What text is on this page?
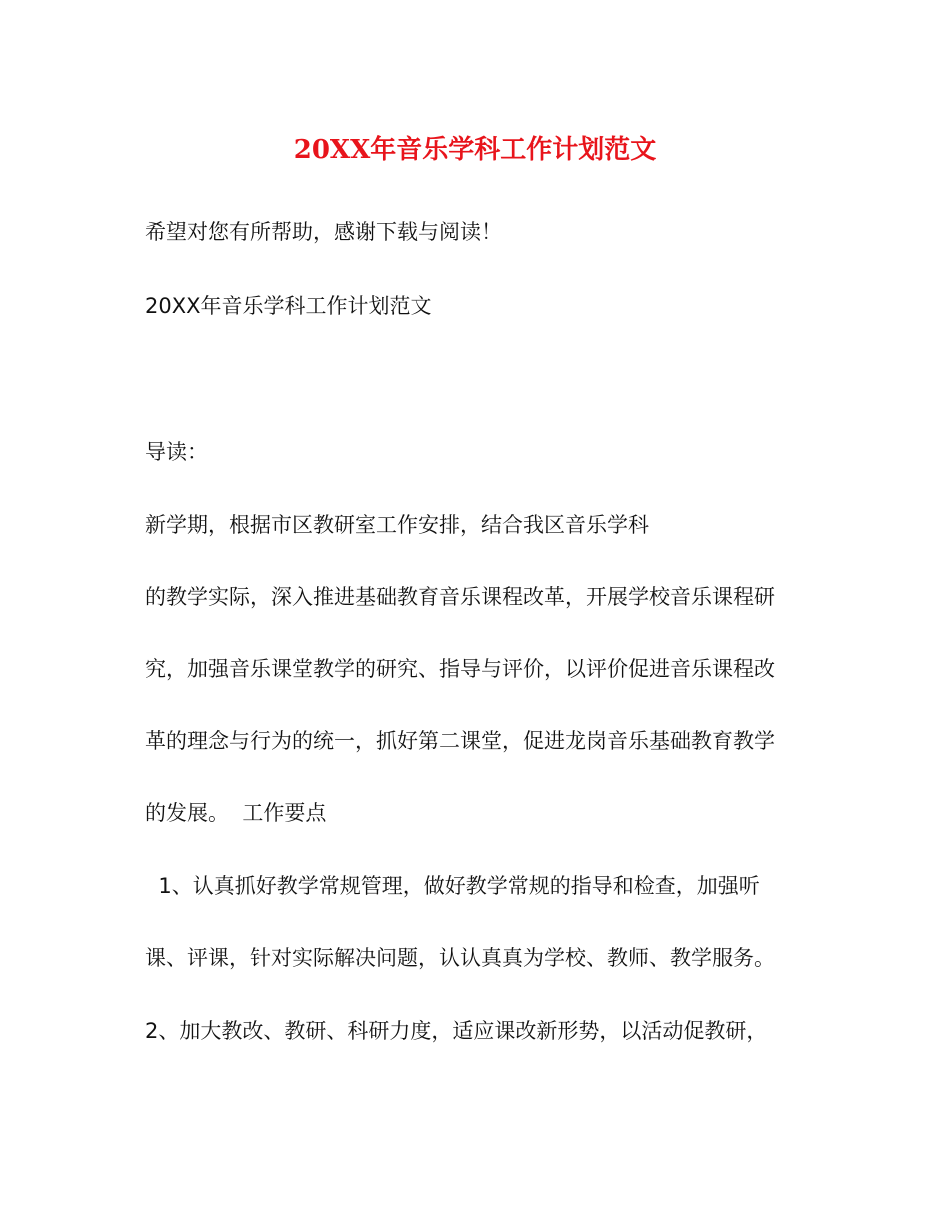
20XX年音乐学科工作计划范文
希望对您有所帮助，感谢下载与阅读！
20XX年音乐学科工作计划范文
导读：
新学期，根据市区教研室工作安排，结合我区音乐学科
的教学实际，深入推进基础教育音乐课程改革，开展学校音乐课程研
究，加强音乐课堂教学的研究、指导与评价，以评价促进音乐课程改
革的理念与行为的统一，抓好第二课堂，促进龙岗音乐基础教育教学
的发展。  工作要点
1、认真抓好教学常规管理，做好教学常规的指导和检查，加强听
课、评课，针对实际解决问题，认认真真为学校、教师、教学服务。
2、加大教改、教研、科研力度，适应课改新形势，以活动促教研，
